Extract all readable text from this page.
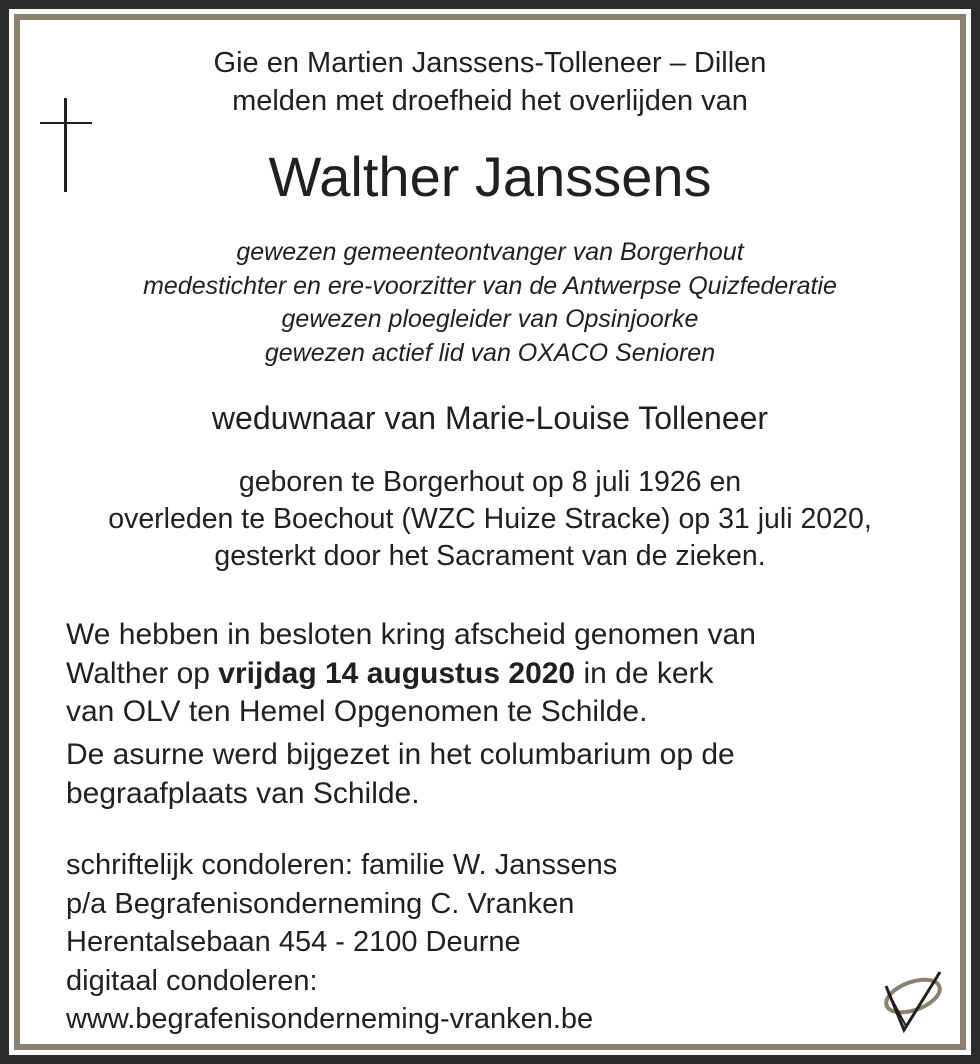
Gie en Martien Janssens-Tolleneer – Dillen
melden met droefheid het overlijden van
Walther Janssens
gewezen gemeenteontvanger van Borgerhout
medestichter en ere-voorzitter van de Antwerpse Quizfederatie
gewezen ploegleider van Opsinjoorke
gewezen actief lid van OXACO Senioren
weduwnaar van Marie-Louise Tolleneer
geboren te Borgerhout op 8 juli 1926 en
overleden te Boechout (WZC Huize Stracke) op 31 juli 2020,
gesterkt door het Sacrament van de zieken.
We hebben in besloten kring afscheid genomen van
Walther op vrijdag 14 augustus 2020 in de kerk
van OLV ten Hemel Opgenomen te Schilde.
De asurne werd bijgezet in het columbarium op de
begraafplaats van Schilde.
schriftelijk condoleren: familie W. Janssens
p/a Begrafenisonderneming C. Vranken
Herentalsebaan 454 - 2100 Deurne
digitaal condoleren:
www.begrafenisonderneming-vranken.be
